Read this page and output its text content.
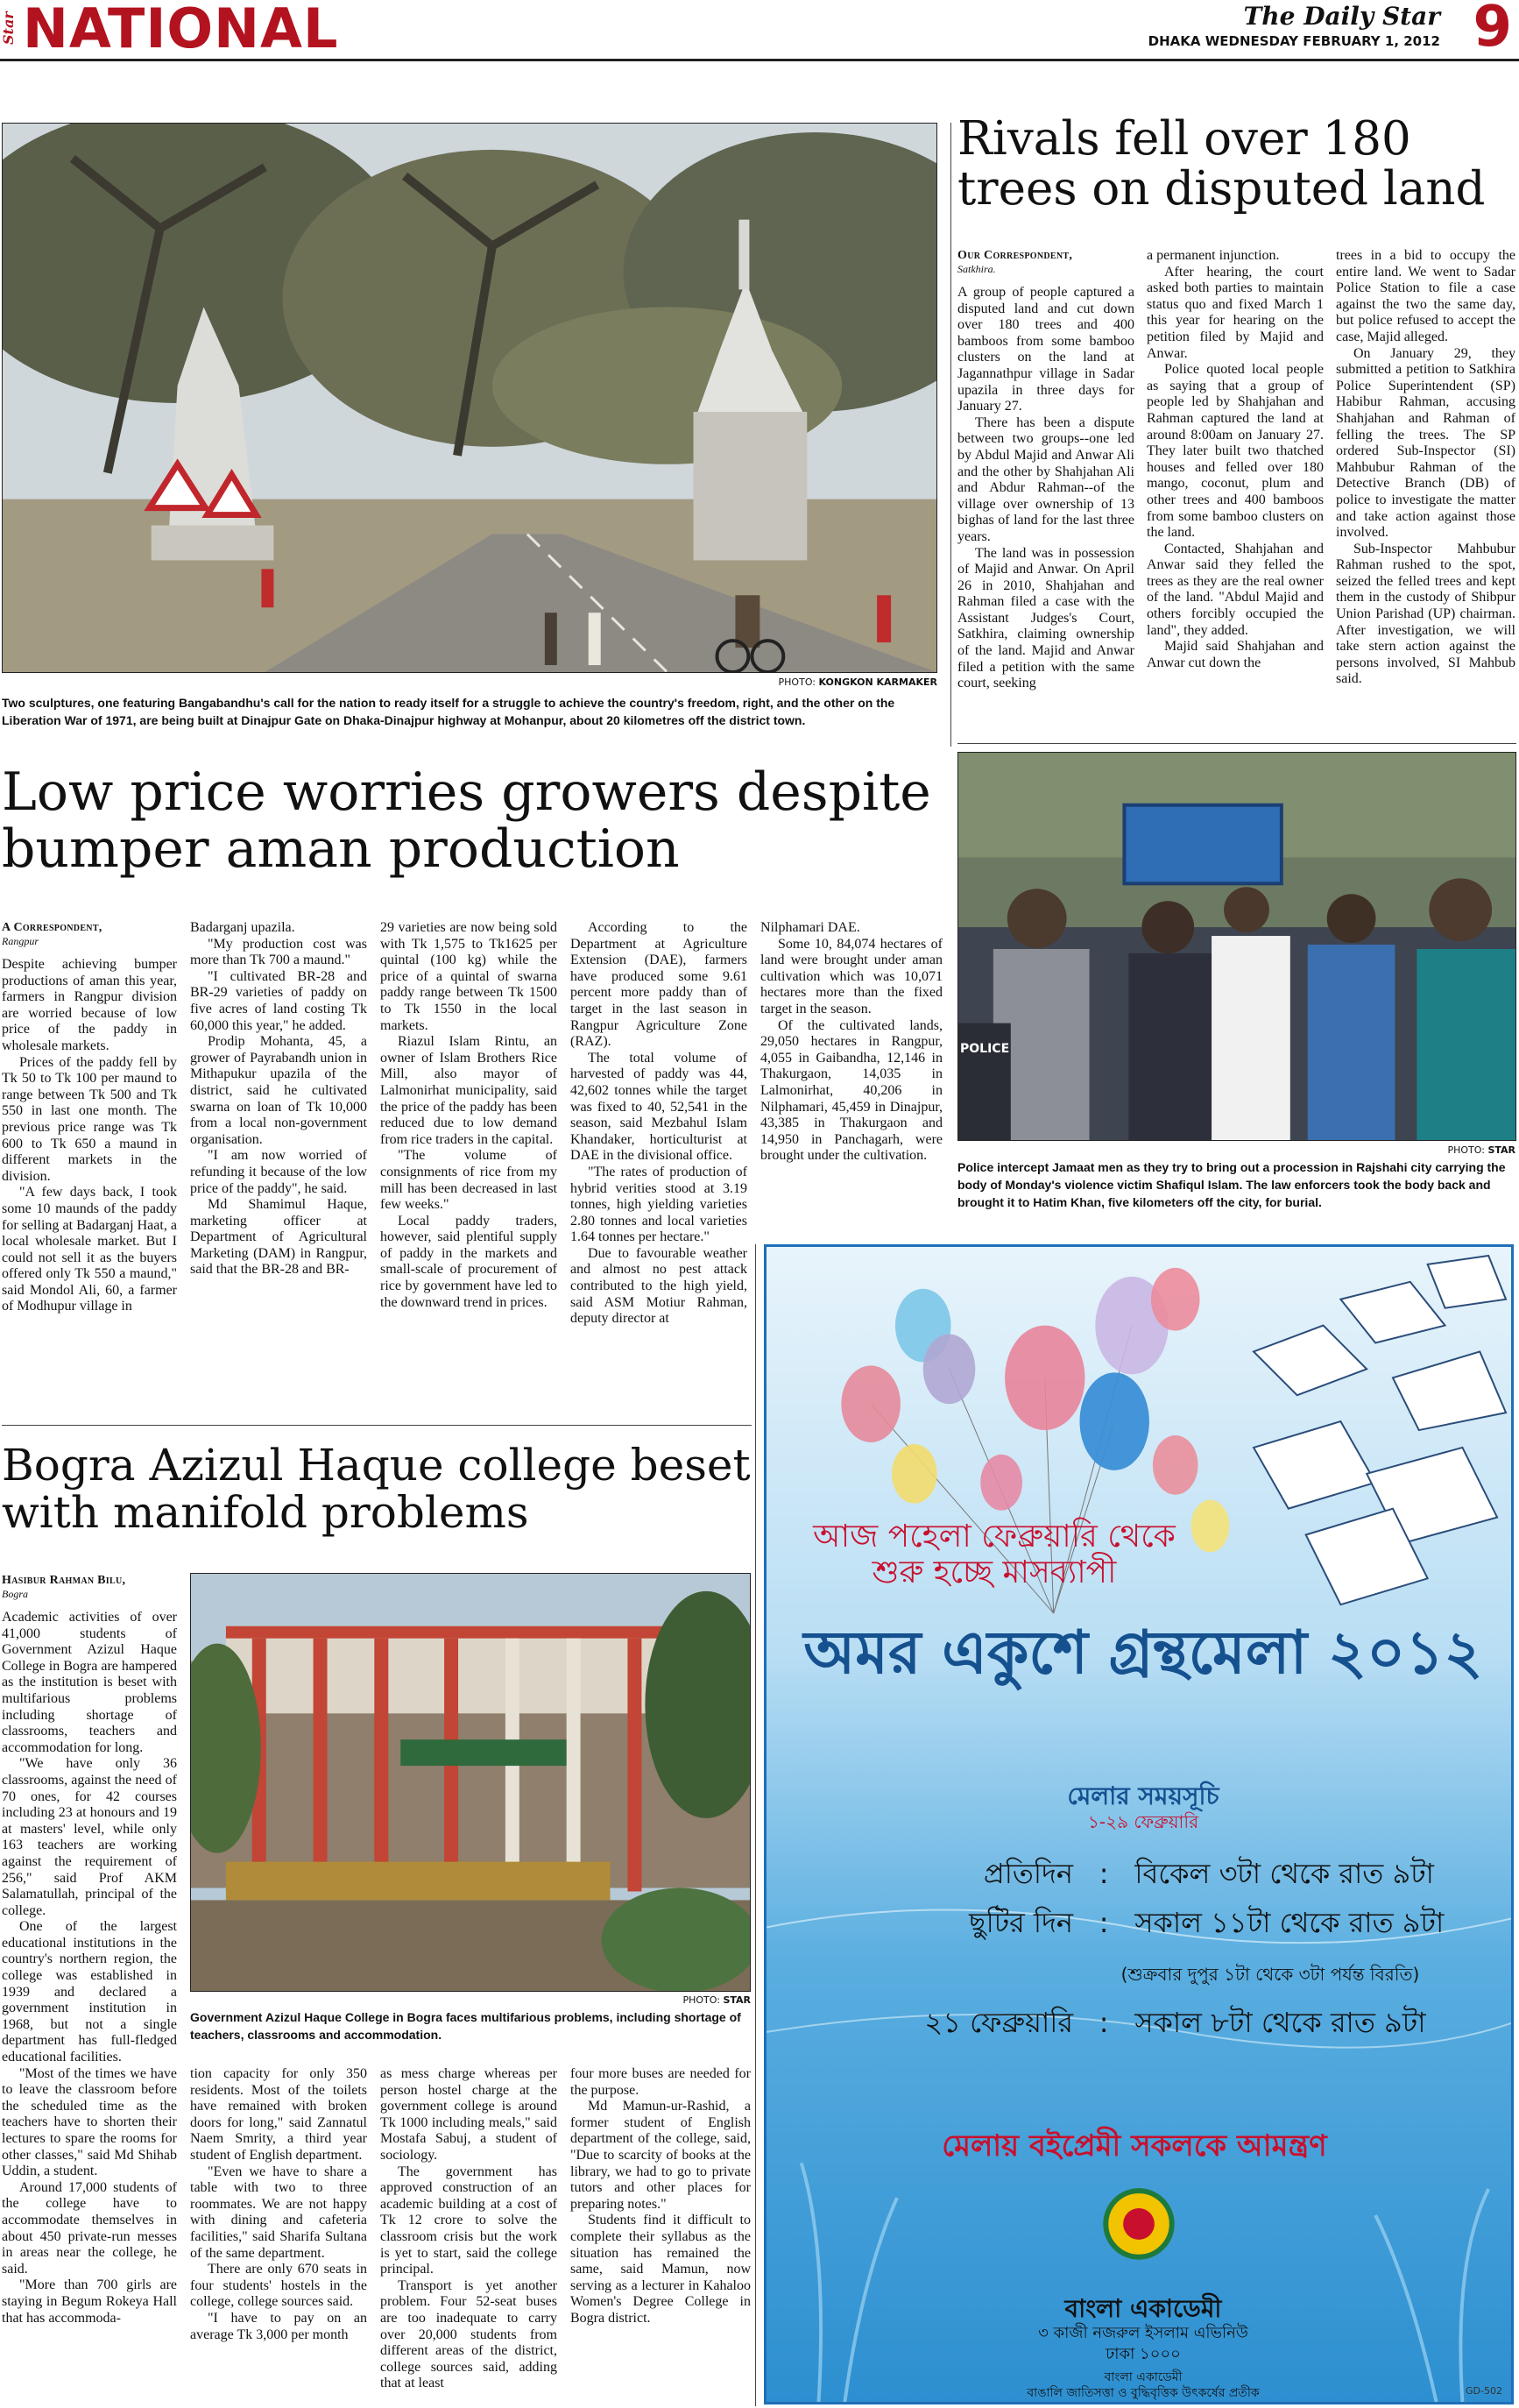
Star NATIONAL	The Daily Star
DHAKA WEDNESDAY FEBRUARY 1, 2012 9
PHOTO: KONGKON KARMAKER
Two sculptures, one featuring Bangabandhu's call for the nation to ready itself for a struggle to achieve the country's freedom, right, and the other on the Liberation War of 1971, are being built at Dinajpur Gate on Dhaka-Dinajpur highway at Mohanpur, about 20 kilometres off the district town.
Rivals fell over 180 trees on disputed land
Our Correspondent,
Satkhira.

A group of people captured a disputed land and cut down over 180 trees and 400 bamboos from some bamboo clusters on the land at Jagannathpur village in Sadar upazila in three days for January 27.

There has been a dispute between two groups--one led by Abdul Majid and Anwar Ali and the other by Shahjahan Ali and Abdur Rahman--of the village over ownership of 13 bighas of land for the last three years.

The land was in possession of Majid and Anwar. On April 26 in 2010, Shahjahan and Rahman filed a case with the Assistant Judges's Court, Satkhira, claiming ownership of the land. Majid and Anwar filed a petition with the same court, seeking

a permanent injunction.

After hearing, the court asked both parties to maintain status quo and fixed March 1 this year for hearing on the petition filed by Majid and Anwar.

Police quoted local people as saying that a group of people led by Shahjahan and Rahman captured the land at around 8:00am on January 27. They later built two thatched houses and felled over 180 mango, coconut, plum and other trees and 400 bamboos from some bamboo clusters on the land.

Contacted, Shahjahan and Anwar said they felled the trees as they are the real owner of the land. "Abdul Majid and others forcibly occupied the land", they added.

Majid said Shahjahan and Anwar cut down the

trees in a bid to occupy the entire land. We went to Sadar Police Station to file a case against the two the same day, but police refused to accept the case, Majid alleged.

On January 29, they submitted a petition to Satkhira Police Superintendent (SP) Habibur Rahman, accusing Shahjahan and Rahman of felling the trees. The SP ordered Sub-Inspector (SI) Mahbubur Rahman of the Detective Branch (DB) of police to investigate the matter and take action against those involved.

Sub-Inspector Mahbubur Rahman rushed to the spot, seized the felled trees and kept them in the custody of Shibpur Union Parishad (UP) chairman. After investigation, we will take stern action against the persons involved, SI Mahbub said.

POLICE
PHOTO: STAR
Police intercept Jamaat men as they try to bring out a procession in Rajshahi city carrying the body of Monday's violence victim Shafiqul Islam. The law enforcers took the body back and brought it to Hatim Khan, five kilometers off the city, for burial.
Low price worries growers despite bumper aman production
A Correspondent,
Rangpur

Despite achieving bumper productions of aman this year, farmers in Rangpur division are worried because of low price of the paddy in wholesale markets.

Prices of the paddy fell by Tk 50 to Tk 100 per maund to range between Tk 500 and Tk 550 in last one month. The previous price range was Tk 600 to Tk 650 a maund in different markets in the division.

"A few days back, I took some 10 maunds of the paddy for selling at Badarganj Haat, a local wholesale market. But I could not sell it as the buyers offered only Tk 550 a maund," said Mondol Ali, 60, a farmer of Modhupur village in

Badarganj upazila.

"My production cost was more than Tk 700 a maund."

"I cultivated BR-28 and BR-29 varieties of paddy on five acres of land costing Tk 60,000 this year," he added.

Prodip Mohanta, 45, a grower of Payrabandh union in Mithapukur upazila of the district, said he cultivated swarna on loan of Tk 10,000 from a local non-government organisation.

"I am now worried of refunding it because of the low price of the paddy", he said.

Md Shamimul Haque, marketing officer at Department of Agricultural Marketing (DAM) in Rangpur, said that the BR-28 and BR-

29 varieties are now being sold with Tk 1,575 to Tk1625 per quintal (100 kg) while the price of a quintal of swarna paddy range between Tk 1500 to Tk 1550 in the local markets.

Riazul Islam Rintu, an owner of Islam Brothers Rice Mill, also mayor of Lalmonirhat municipality, said the price of the paddy has been reduced due to low demand from rice traders in the capital.

"The volume of consignments of rice from my mill has been decreased in last few weeks."

Local paddy traders, however, said plentiful supply of paddy in the markets and small-scale of procurement of rice by government have led to the downward trend in prices.

According to the Department at Agriculture Extension (DAE), farmers have produced some 9.61 percent more paddy than of target in the last season in Rangpur Agriculture Zone (RAZ).

The total volume of harvested of paddy was 44, 42,602 tonnes while the target was fixed to 40, 52,541 in the season, said Mezbahul Islam Khandaker, horticulturist at DAE in the divisional office.

"The rates of production of hybrid verities stood at 3.19 tonnes, high yielding varieties 2.80 tonnes and local varieties 1.64 tonnes per hectare."

Due to favourable weather and almost no pest attack contributed to the high yield, said ASM Motiur Rahman, deputy director at

Nilphamari DAE.

Some 10, 84,074 hectares of land were brought under aman cultivation which was 10,071 hectares more than the fixed target in the season.

Of the cultivated lands, 29,050 hectares in Rangpur, 4,055 in Gaibandha, 12,146 in Thakurgaon, 14,035 in Lalmonirhat, 40,206 in Nilphamari, 45,459 in Dinajpur, 43,385 in Thakurgaon and 14,950 in Panchagarh, were brought under the cultivation.

Bogra Azizul Haque college beset with manifold problems
Hasibur Rahman Bilu,
Bogra

Academic activities of over 41,000 students of Government Azizul Haque College in Bogra are hampered as the institution is beset with multifarious problems including shortage of classrooms, teachers and accommodation for long.

"We have only 36 classrooms, against the need of 70 ones, for 42 courses including 23 at honours and 19 at masters' level, while only 163 teachers are working against the requirement of 256," said Prof AKM Salamatullah, principal of the college.

One of the largest educational institutions in the country's northern region, the college was established in 1939 and declared a government institution in 1968, but not a single department has full-fledged educational facilities.

"Most of the times we have to leave the classroom before the scheduled time as the teachers have to shorten their lectures to spare the rooms for other classes," said Md Shihab Uddin, a student.

Around 17,000 students of the college have to accommodate themselves in about 450 private-run messes in areas near the college, he said.

"More than 700 girls are staying in Begum Rokeya Hall that has accommoda-

PHOTO: STAR
Government Azizul Haque College in Bogra faces multifarious problems, including shortage of teachers, classrooms and accommodation.

tion capacity for only 350 residents. Most of the toilets have remained with broken doors for long," said Zannatul Naem Smrity, a third year student of English department.

"Even we have to share a table with two to three roommates. We are not happy with dining and cafeteria facilities," said Sharifa Sultana of the same department.

There are only 670 seats in four students' hostels in the college, college sources said.

"I have to pay on an average Tk 3,000 per month

as mess charge whereas per person hostel charge at the government college is around Tk 1000 including meals," said Mostafa Sabuj, a student of sociology.

The government has approved construction of an academic building at a cost of Tk 12 crore to solve the classroom crisis but the work is yet to start, said the college principal.

Transport is yet another problem. Four 52-seat buses are too inadequate to carry over 20,000 students from different areas of the district, college sources said, adding that at least

four more buses are needed for the purpose.

Md Mamun-ur-Rashid, a former student of English department of the college, said, "Due to scarcity of books at the library, we had to go to private tutors and other places for preparing notes."

Students find it difficult to complete their syllabus as the situation has remained the same, said Mamun, now serving as a lecturer in Kahaloo Women's Degree College in Bogra district.

আজ পহেলা ফেব্রুয়ারি থেকে
শুরু হচ্ছে মাসব্যাপী
অমর একুশে গ্রন্থমেলা ২০১২
মেলার সময়সূচি
১-২৯ ফেব্রুয়ারি
প্রতিদিন : বিকেল ৩টা থেকে রাত ৯টা
ছুটির দিন : সকাল ১১টা থেকে রাত ৯টা
(শুক্রবার দুপুর ১টা থেকে ৩টা পর্যন্ত বিরতি)
২১ ফেব্রুয়ারি : সকাল ৮টা থেকে রাত ৯টা
মেলায় বইপ্রেমী সকলকে আমন্ত্রণ
বাংলা একাডেমী
৩ কাজী নজরুল ইসলাম এভিনিউ
ঢাকা ১০০০
বাংলা একাডেমী
বাঙালি জাতিসত্তা ও বুদ্ধিবৃত্তিক উৎকর্ষের প্রতীক	GD-502
